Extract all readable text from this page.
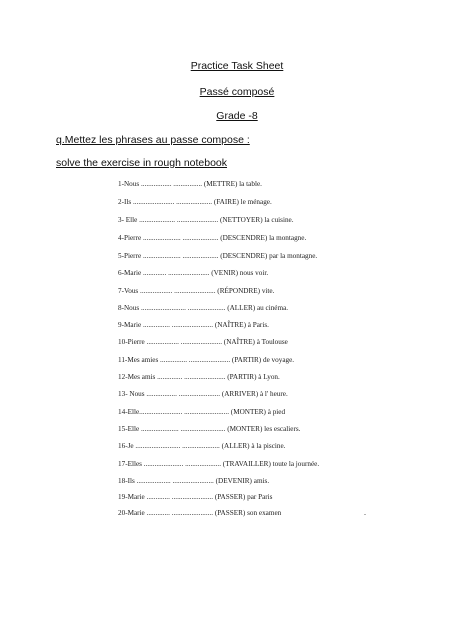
Practice Task Sheet
Passé composé
Grade -8
q.Mettez les phrases au passe compose :
solve the exercise in rough notebook
1-Nous ................. ................ (METTRE) la table.
2-Ils ....................... .................... (FAIRE) le ménage.
3- Elle .................... ....................... (NETTOYER) la cuisine.
4-Pierre ..................... .................... (DESCENDRE) la montagne.
5-Pierre ..................... .................... (DESCENDRE) par la montagne.
6-Marie ............. ....................... (VENIR) nous voir.
7-Vous .................. ....................... (RÉPONDRE) vite.
8-Nous ......................... ..................... (ALLER) au cinéma.
9-Marie ............... ....................... (NAÎTRE) à Paris.
10-Pierre .................. ....................... (NAÎTRE) à Toulouse
11-Mes amies ............... ....................... (PARTIR) de voyage.
12-Mes amis .............. ....................... (PARTIR) à Lyon.
13- Nous ................. ....................... (ARRIVER) à l' heure.
14-Elle........................ ......................... (MONTER) à pied
15-Elle ..................... ......................... (MONTER) les escaliers.
16-Je ......................... ..................... (ALLER) à la piscine.
17-Elles ...................... .................... (TRAVAILLER) toute la journée.
18-Ils ................... ....................... (DEVENIR) amis.
19-Marie ............. ....................... (PASSER) par Paris
20-Marie ............. ....................... (PASSER) son examen	.
